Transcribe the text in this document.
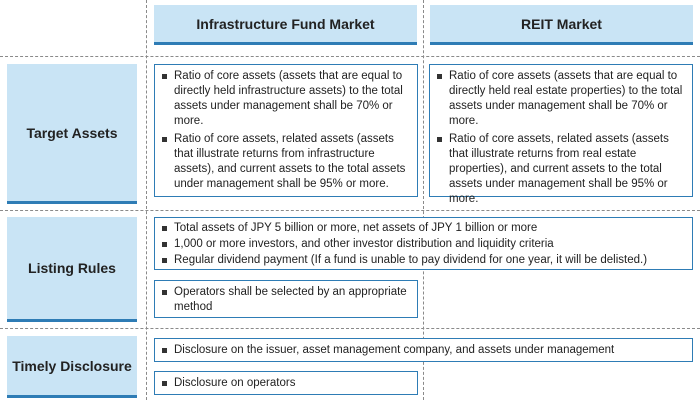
Infrastructure Fund Market	REIT Market
Target Assets
Listing Rules
Timely Disclosure
Ratio of core assets (assets that are equal to directly held infrastructure assets) to the total assets under management shall be 70% or more.
Ratio of core assets, related assets (assets that illustrate returns from infrastructure assets), and current assets to the total assets under management shall be 95% or more.
Ratio of core assets (assets that are equal to directly held real estate properties) to the total assets under management shall be 70% or more.
Ratio of core assets, related assets (assets that illustrate returns from real estate properties), and current assets to the total assets under management shall be 95% or more.
Total assets of JPY 5 billion or more, net assets of JPY 1 billion or more
1,000 or more investors, and other investor distribution and liquidity criteria
Regular dividend payment (If a fund is unable to pay dividend for one year, it will be delisted.)
Operators shall be selected by an appropriate method
Disclosure on the issuer, asset management company, and assets under management
Disclosure on operators
